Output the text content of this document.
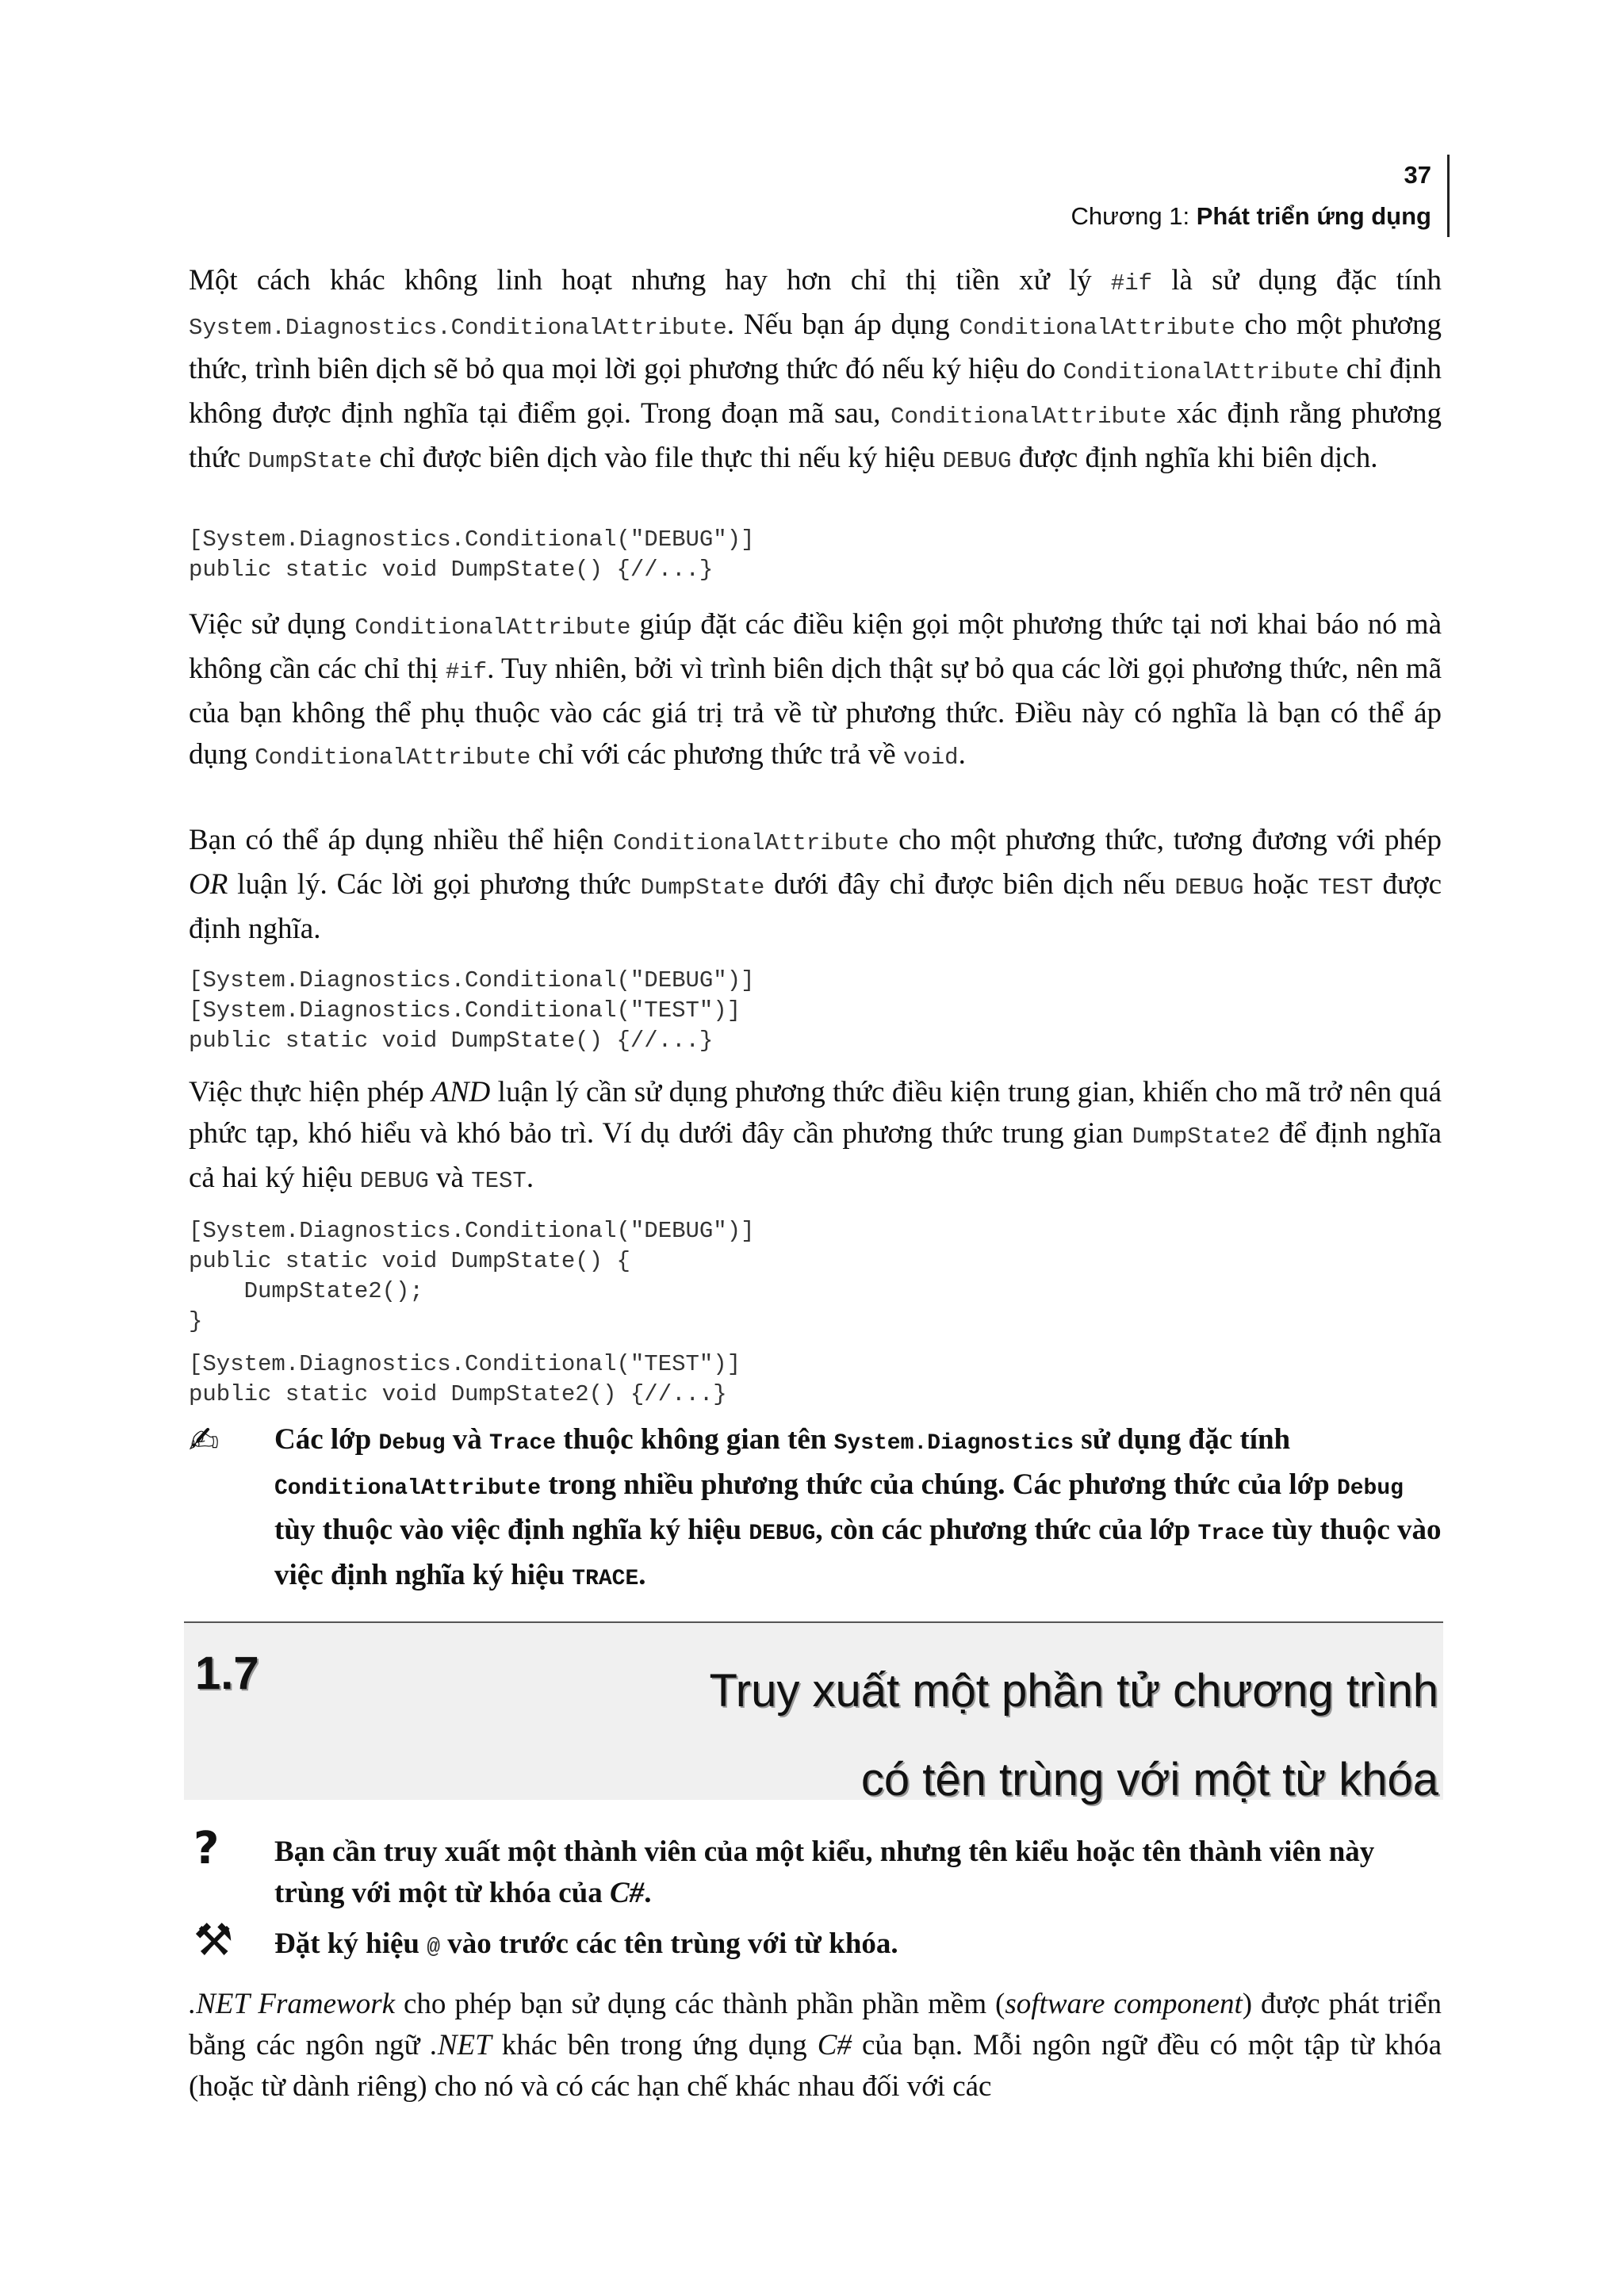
37
Chương 1: Phát triển ứng dụng
Một cách khác không linh hoạt nhưng hay hơn chỉ thị tiền xử lý #if là sử dụng đặc tính System.Diagnostics.ConditionalAttribute. Nếu bạn áp dụng ConditionalAttribute cho một phương thức, trình biên dịch sẽ bỏ qua mọi lời gọi phương thức đó nếu ký hiệu do ConditionalAttribute chỉ định không được định nghĩa tại điểm gọi. Trong đoạn mã sau, ConditionalAttribute xác định rằng phương thức DumpState chỉ được biên dịch vào file thực thi nếu ký hiệu DEBUG được định nghĩa khi biên dịch.
[System.Diagnostics.Conditional("DEBUG")]
public static void DumpState() {//...}
Việc sử dụng ConditionalAttribute giúp đặt các điều kiện gọi một phương thức tại nơi khai báo nó mà không cần các chỉ thị #if. Tuy nhiên, bởi vì trình biên dịch thật sự bỏ qua các lời gọi phương thức, nên mã của bạn không thể phụ thuộc vào các giá trị trả về từ phương thức. Điều này có nghĩa là bạn có thể áp dụng ConditionalAttribute chỉ với các phương thức trả về void.
Bạn có thể áp dụng nhiều thể hiện ConditionalAttribute cho một phương thức, tương đương với phép OR luận lý. Các lời gọi phương thức DumpState dưới đây chỉ được biên dịch nếu DEBUG hoặc TEST được định nghĩa.
[System.Diagnostics.Conditional("DEBUG")]
[System.Diagnostics.Conditional("TEST")]
public static void DumpState() {//...}
Việc thực hiện phép AND luận lý cần sử dụng phương thức điều kiện trung gian, khiến cho mã trở nên quá phức tạp, khó hiểu và khó bảo trì. Ví dụ dưới đây cần phương thức trung gian DumpState2 để định nghĩa cả hai ký hiệu DEBUG và TEST.
[System.Diagnostics.Conditional("DEBUG")]
public static void DumpState() {
DumpState2();
}
[System.Diagnostics.Conditional("TEST")]
public static void DumpState2() {//...}
✍	Các lớp Debug và Trace thuộc không gian tên System.Diagnostics sử dụng đặc tính ConditionalAttribute trong nhiều phương thức của chúng. Các phương thức của lớp Debug tùy thuộc vào việc định nghĩa ký hiệu DEBUG, còn các phương thức của lớp Trace tùy thuộc vào việc định nghĩa ký hiệu TRACE.
1.7	Truy xuất một phần tử chương trình
có tên trùng với một từ khóa
? Bạn cần truy xuất một thành viên của một kiểu, nhưng tên kiểu hoặc tên thành viên này trùng với một từ khóa của C#.
⚒ Đặt ký hiệu @ vào trước các tên trùng với từ khóa.
.NET Framework cho phép bạn sử dụng các thành phần phần mềm (software component) được phát triển bằng các ngôn ngữ .NET khác bên trong ứng dụng C# của bạn. Mỗi ngôn ngữ đều có một tập từ khóa (hoặc từ dành riêng) cho nó và có các hạn chế khác nhau đối với các
